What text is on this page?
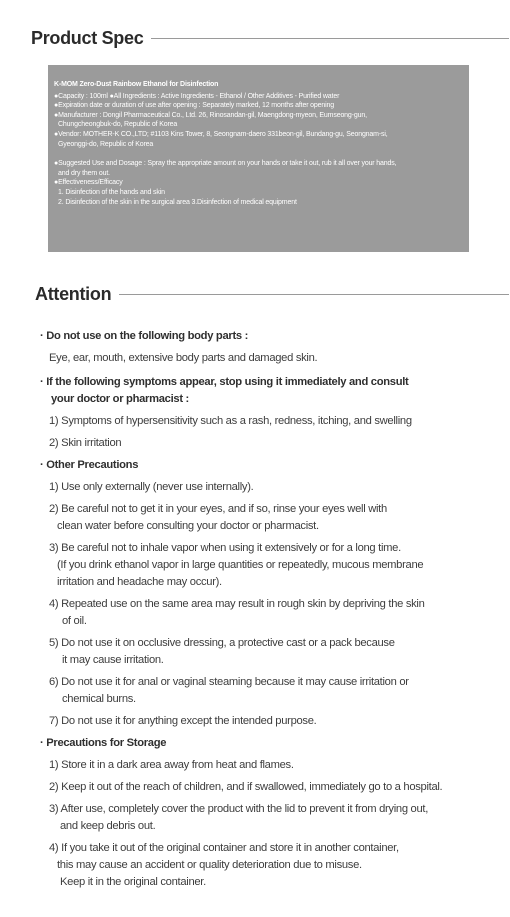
Product Spec
K-MOM Zero-Dust Rainbow Ethanol for Disinfection
●Capacity : 100ml ●All Ingredients : Active Ingredients - Ethanol / Other Additives - Purified water
●Expiration date or duration of use after opening : Separately marked, 12 months after opening
●Manufacturer : Dongil Pharmaceutical Co., Ltd. 26, Rinosandan-gil, Maengdong-myeon, Eumseong-gun,
Chungcheongbuk-do, Republic of Korea
●Vendor: MOTHER-K CO.,LTD; #1103 Kins Tower, 8, Seongnam-daero 331beon-gil, Bundang-gu, Seongnam-si,
Gyeonggi-do, Republic of Korea
●Suggested Use and Dosage : Spray the appropriate amount on your hands or take it out, rub it all over your hands,
and dry them out.
●Effectiveness/Efficacy
1. Disinfection of the hands and skin
2. Disinfection of the skin in the surgical area 3.Disinfection of medical equipment
Attention
· Do not use on the following body parts :
Eye, ear, mouth, extensive body parts and damaged skin.
· If the following symptoms appear, stop using it immediately and consult
your doctor or pharmacist :
1) Symptoms of hypersensitivity such as a rash, redness, itching, and swelling
2) Skin irritation
· Other Precautions
1) Use only externally (never use internally).
2) Be careful not to get it in your eyes, and if so, rinse your eyes well with
clean water before consulting your doctor or pharmacist.
3) Be careful not to inhale vapor when using it extensively or for a long time.
(If you drink ethanol vapor in large quantities or repeatedly, mucous membrane
irritation and headache may occur).
4) Repeated use on the same area may result in rough skin by depriving the skin
of oil.
5) Do not use it on occlusive dressing, a protective cast or a pack because
it may cause irritation.
6) Do not use it for anal or vaginal steaming because it may cause irritation or
chemical burns.
7) Do not use it for anything except the intended purpose.
· Precautions for Storage
1) Store it in a dark area away from heat and flames.
2) Keep it out of the reach of children, and if swallowed, immediately go to a hospital.
3) After use, completely cover the product with the lid to prevent it from drying out,
and keep debris out.
4) If you take it out of the original container and store it in another container,
this may cause an accident or quality deterioration due to misuse.
Keep it in the original container.
